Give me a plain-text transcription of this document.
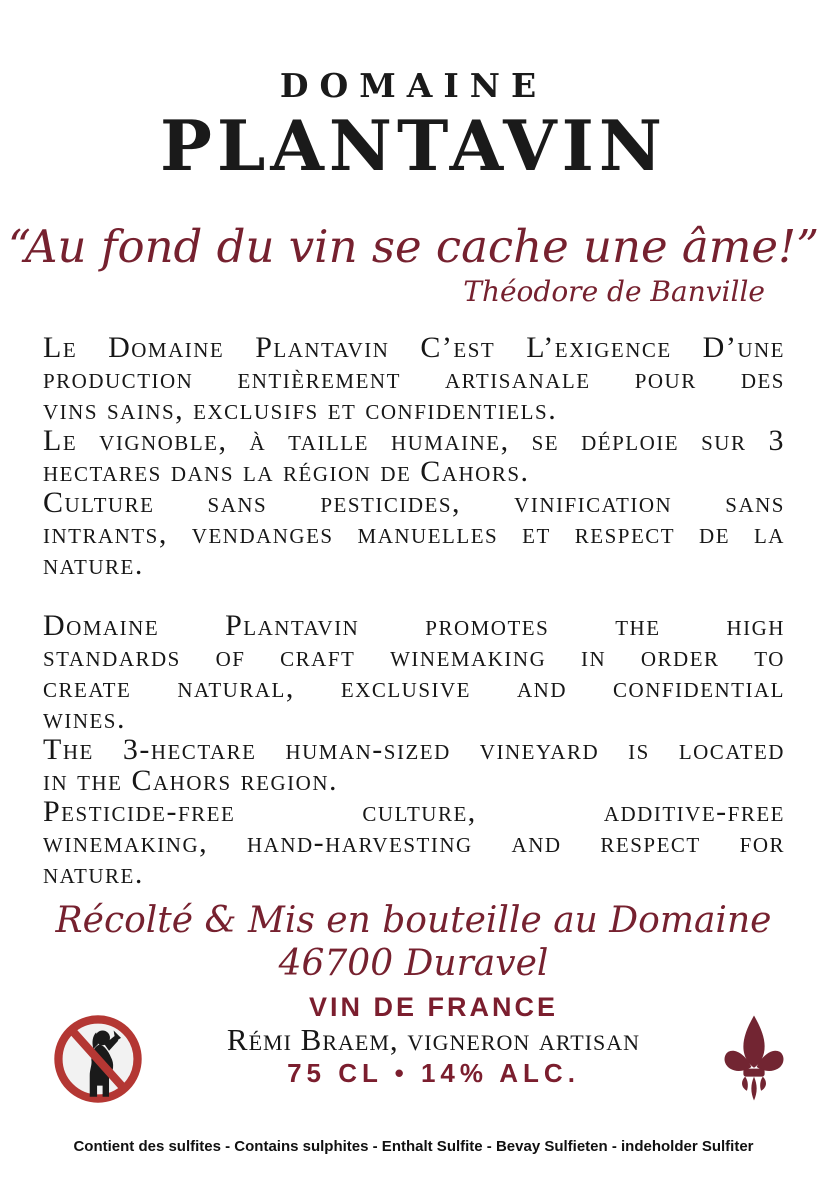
DOMAINE
PLANTAVIN
“Au fond du vin se cache une âme!”
Théodore de Banville
Le Domaine Plantavin C’est L’exigence D’une
production entièrement artisanale pour des
vins sains, exclusifs et confidentiels.
Le vignoble, à taille humaine, se déploie sur 3
hectares dans la région de Cahors.
Culture sans pesticides, vinification sans
intrants, vendanges manuelles et respect de la
nature.
Domaine Plantavin promotes the high
standards of craft winemaking in order to
create natural, exclusive and confidential
wines.
The 3-hectare human-sized vineyard is located
in the Cahors region.
Pesticide-free	culture,	additive-free
winemaking, hand-harvesting and respect for
nature.
Récolté & Mis en bouteille au Domaine
46700 Duravel
VIN DE FRANCE
Rémi Braem, vigneron artisan
75 CL • 14% ALC.
Contient des sulfites - Contains sulphites - Enthalt Sulfite - Bevay Sulfieten - indeholder Sulfiter
